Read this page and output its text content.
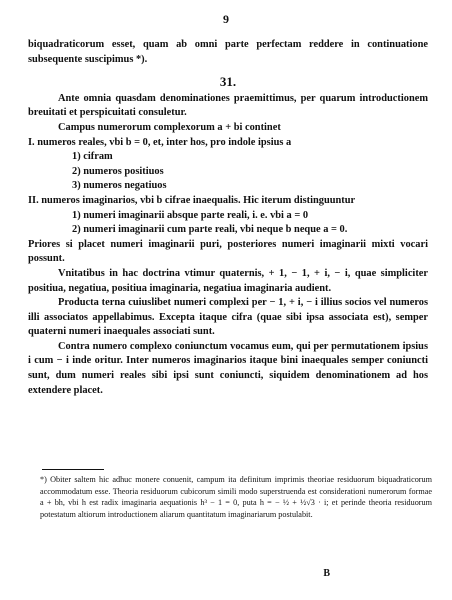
9

biquadraticorum esset, quam ab omni parte perfectam reddere in continuatione subsequente suscipimus *).

31.

Ante omnia quasdam denominationes praemittimus, per quarum introductionem breuitati et perspicuitati consuletur.

Campus numerorum complexorum a + bi continet
I. numeros reales, vbi b = 0, et, inter hos, pro indole ipsius a
1) cifram
2) numeros positiuos
3) numeros negatiuos
II. numeros imaginarios, vbi b cifrae inaequalis. Hic iterum distinguuntur
1) numeri imaginarii absque parte reali, i. e. vbi a = 0
2) numeri imaginarii cum parte reali, vbi neque b neque a = 0.

Priores si placet numeri imaginarii puri, posteriores numeri imaginarii mixti vocari possunt.

Vnitatibus in hac doctrina vtimur quaternis, + 1, − 1, + i, − i, quae simpliciter positiua, negatiua, positiua imaginaria, negatiua imaginaria audient.

Producta terna cuiuslibet numeri complexi per − 1, + i, − i illius socios vel numeros illi associatos appellabimus. Excepta itaque cifra (quae sibi ipsa associata est), semper quaterni numeri inaequales associati sunt.

Contra numero complexo coniunctum vocamus eum, qui per permutationem ipsius i cum − i inde oritur. Inter numeros imaginarios itaque bini inaequales semper coniuncti sunt, dum numeri reales sibi ipsi sunt coniuncti, siquidem denominationem ad hos extendere placet.

*) Obiter saltem hic adhuc monere conuenit, campum ita definitum imprimis theoriae residuorum biquadraticorum accommodatum esse. Theoria residuorum cubicorum simili modo superstruenda est considerationi numerorum formae a + bh, vbi h est radix imaginaria aequationis h³ − 1 = 0, puta h = − ½ + ½√3 · i; et perinde theoria residuorum potestatum altiorum introductionem aliarum quantitatum imaginariarum postulabit.

B
